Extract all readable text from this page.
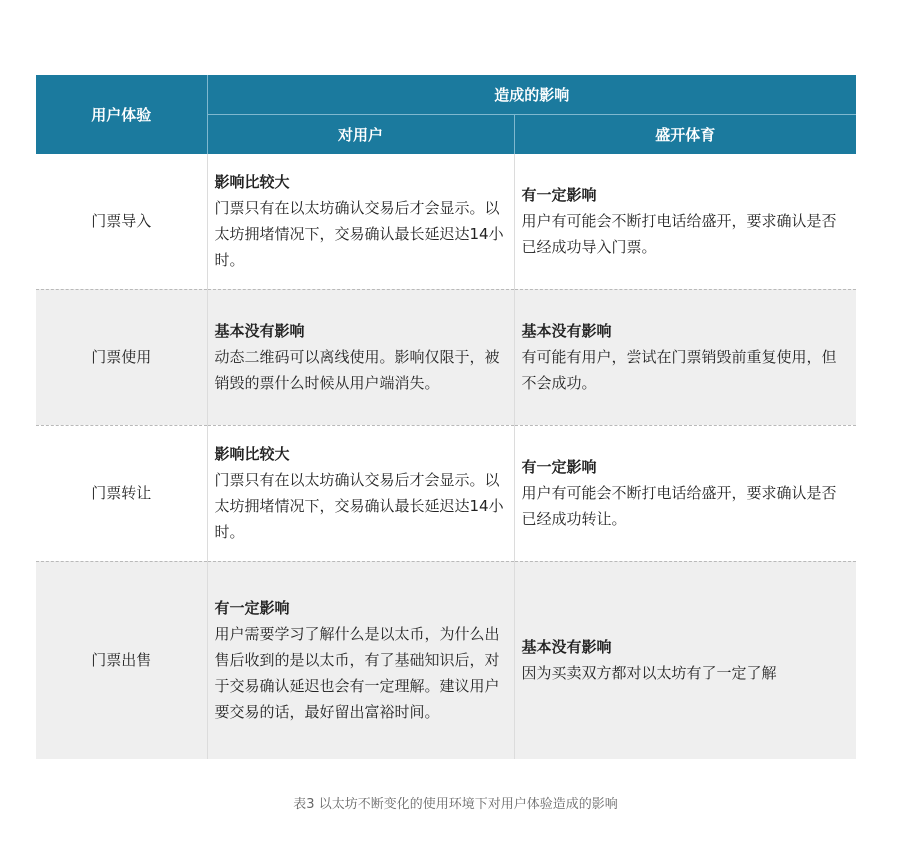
用户体验	造成的影响	
	对用户	盛开体育
门票导入	影响比较大
门票只有在以太坊确认交易后才会显示。以太坊拥堵情况下，交易确认最长延迟达14小时。	有一定影响
用户有可能会不断打电话给盛开，要求确认是否已经成功导入门票。

门票使用	基本没有影响
动态二维码可以离线使用。影响仅限于，被销毁的票什么时候从用户端消失。	基本没有影响
有可能有用户，尝试在门票销毁前重复使用，但不会成功。

门票转让	影响比较大
门票只有在以太坊确认交易后才会显示。以太坊拥堵情况下，交易确认最长延迟达14小时。	有一定影响
用户有可能会不断打电话给盛开，要求确认是否已经成功转让。

门票出售	有一定影响
用户需要学习了解什么是以太币，为什么出售后收到的是以太币，有了基础知识后，对于交易确认延迟也会有一定理解。建议用户要交易的话，最好留出富裕时间。	基本没有影响
因为买卖双方都对以太坊有了一定了解
表3 以太坊不断变化的使用环境下对用户体验造成的影响
